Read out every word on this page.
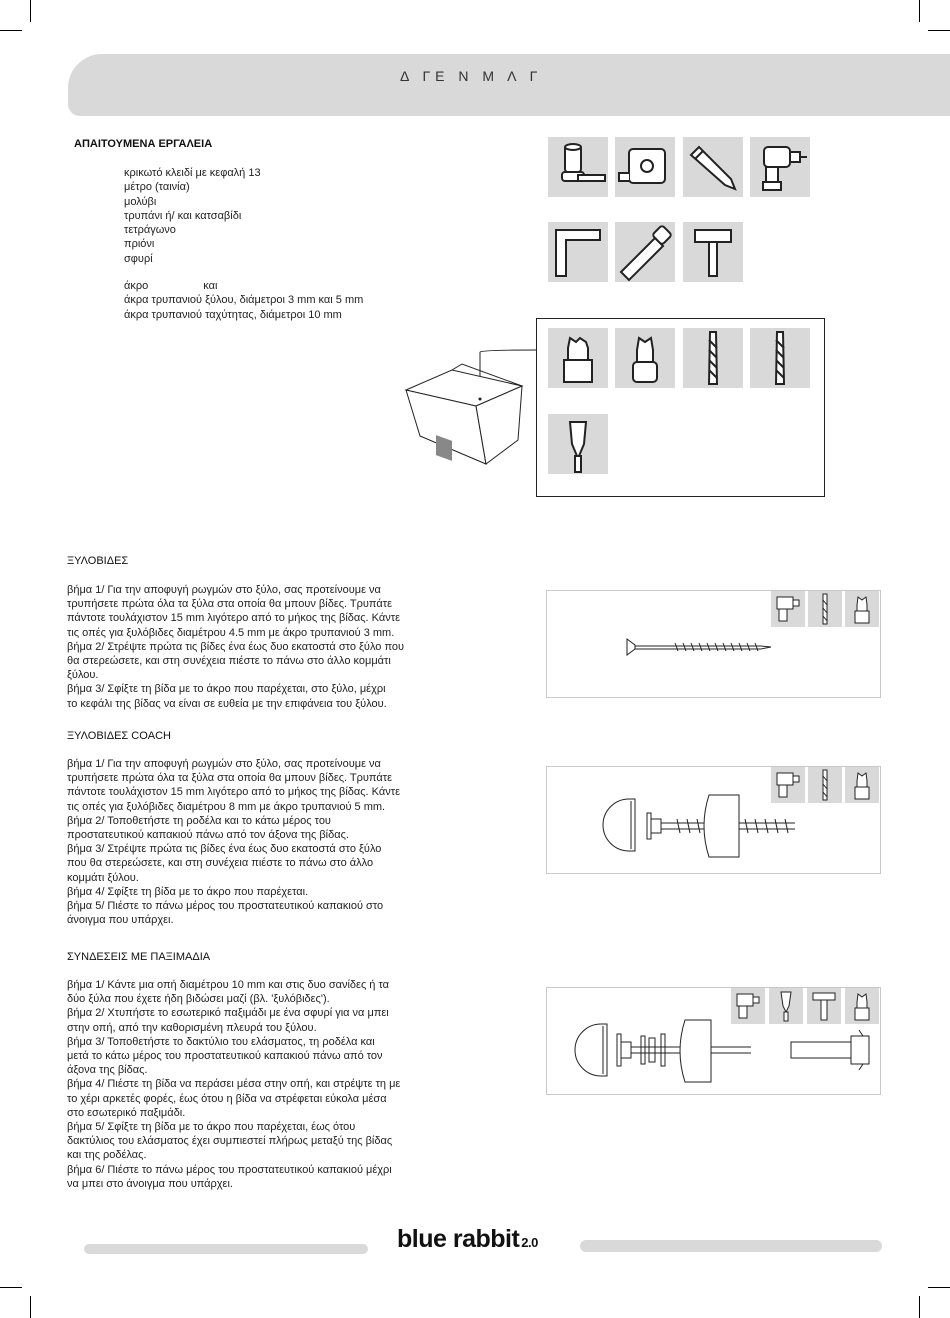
Δ ΓΕ Ν Μ Λ Γ
ΑΠΑΙΤΟΥΜΕΝΑ ΕΡΓΑΛΕΙΑ
κρικωτό κλειδί με κεφαλή 13
μέτρο (ταινία)
μολύβι
τρυπάνι ή/ και κατσαβίδι
τετράγωνο
πριόνι
σφυρί
άκρο                  και
άκρα τρυπανιού ξύλου, διάμετροι 3 mm και 5 mm
άκρα τρυπανιού ταχύτητας, διάμετροι 10 mm
ΞΥΛΟΒΙΔΕΣ
βήμα 1/ Για την αποφυγή ρωγμών στο ξύλο, σας προτείνουμε να
τρυπήσετε πρώτα όλα τα ξύλα στα οποία θα μπουν βίδες. Τρυπάτε
πάντοτε τουλάχιστον 15 mm λιγότερο από το μήκος της βίδας. Κάντε
τις οπές για ξυλόβιδες διαμέτρου 4.5 mm με άκρο τρυπανιού 3 mm.
βήμα 2/ Στρέψτε πρώτα τις βίδες ένα έως δυο εκατοστά στο ξύλο που
θα στερεώσετε, και στη συνέχεια πιέστε το πάνω στο άλλο κομμάτι
ξύλου.
βήμα 3/ Σφίξτε τη βίδα με το άκρο που παρέχεται, στο ξύλο, μέχρι
το κεφάλι της βίδας να είναι σε ευθεία με την επιφάνεια του ξύλου.
ΞΥΛΟΒΙΔΕΣ COACH
βήμα 1/ Για την αποφυγή ρωγμών στο ξύλο, σας προτείνουμε να
τρυπήσετε πρώτα όλα τα ξύλα στα οποία θα μπουν βίδες. Τρυπάτε
πάντοτε τουλάχιστον 15 mm λιγότερο από το μήκος της βίδας. Κάντε
τις οπές για ξυλόβιδες διαμέτρου 8 mm με άκρο τρυπανιού 5 mm.
βήμα 2/ Τοποθετήστε τη ροδέλα και το κάτω μέρος του
προστατευτικού καπακιού πάνω από τον άξονα της βίδας.
βήμα 3/ Στρέψτε πρώτα τις βίδες ένα έως δυο εκατοστά στο ξύλο
που θα στερεώσετε, και στη συνέχεια πιέστε το πάνω στο άλλο
κομμάτι ξύλου.
βήμα 4/ Σφίξτε τη βίδα με το άκρο που παρέχεται.
βήμα 5/ Πιέστε το πάνω μέρος του προστατευτικού καπακιού στο
άνοιγμα που υπάρχει.
ΣΥΝΔΕΣΕΙΣ ΜΕ ΠΑΞΙΜΑΔΙΑ
βήμα 1/ Κάντε μια οπή διαμέτρου 10 mm και στις δυο σανίδες ή τα
δύο ξύλα που έχετε ήδη βιδώσει μαζί (βλ. 'ξυλόβιδες').
βήμα 2/ Χτυπήστε το εσωτερικό παξιμάδι με ένα σφυρί για να μπει
στην οπή, από την καθορισμένη πλευρά του ξύλου.
βήμα 3/ Τοποθετήστε το δακτύλιο του ελάσματος, τη ροδέλα και
μετά το κάτω μέρος του προστατευτικού καπακιού πάνω από τον
άξονα της βίδας.
βήμα 4/ Πιέστε τη βίδα να περάσει μέσα στην οπή, και στρέψτε τη με
το χέρι αρκετές φορές, έως ότου η βίδα να στρέφεται εύκολα μέσα
στο εσωτερικό παξιμάδι.
βήμα 5/ Σφίξτε τη βίδα με το άκρο που παρέχεται, έως ότου
δακτύλιος του ελάσματος έχει συμπιεστεί πλήρως μεταξύ της βίδας
και της ροδέλας.
βήμα 6/ Πιέστε το πάνω μέρος του προστατευτικού καπακιού μέχρι
να μπει στο άνοιγμα που υπάρχει.
blue rabbit 2.0
